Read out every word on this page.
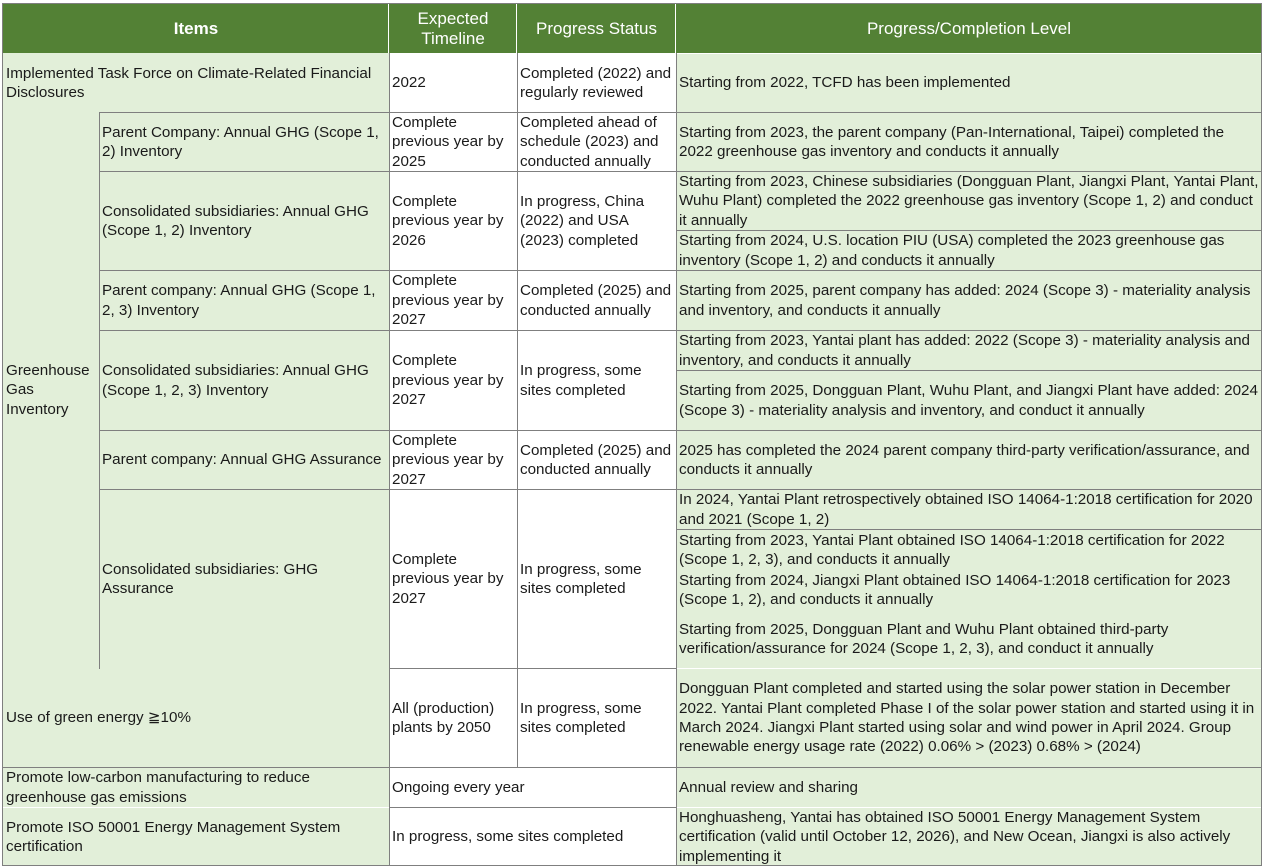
Items
Expected Timeline
Progress Status	Progress/Completion Level
Implemented Task Force on Climate-Related Financial Disclosures
2022
Completed (2022) and regularly reviewed
Starting from 2022, TCFD has been implemented
Greenhouse Gas Inventory
Parent Company: Annual GHG (Scope 1, 2) Inventory
Complete previous year by 2025
Completed ahead of schedule (2023) and conducted annually
Starting from 2023, the parent company (Pan-International, Taipei) completed the 2022 greenhouse gas inventory and conducts it annually
Consolidated subsidiaries: Annual GHG (Scope 1, 2) Inventory
Complete previous year by 2026
In progress, China (2022) and USA (2023) completed
Starting from 2023, Chinese subsidiaries (Dongguan Plant, Jiangxi Plant, Yantai Plant, Wuhu Plant) completed the 2022 greenhouse gas inventory (Scope 1, 2) and conduct it annually
Starting from 2024, U.S. location PIU (USA) completed the 2023 greenhouse gas inventory (Scope 1, 2) and conducts it annually
Parent company: Annual GHG (Scope 1, 2, 3) Inventory
Complete previous year by 2027
Completed (2025) and conducted annually
Starting from 2025, parent company has added: 2024 (Scope 3) - materiality analysis and inventory, and conducts it annually
Consolidated subsidiaries: Annual GHG (Scope 1, 2, 3) Inventory
Complete previous year by 2027
In progress, some sites completed
Starting from 2023, Yantai plant has added: 2022 (Scope 3) - materiality analysis and inventory, and conducts it annually
Starting from 2025, Dongguan Plant, Wuhu Plant, and Jiangxi Plant have added: 2024 (Scope 3) - materiality analysis and inventory, and conduct it annually
Parent company: Annual GHG Assurance
Complete previous year by 2027
Completed (2025) and conducted annually
2025 has completed the 2024 parent company third-party verification/assurance, and conducts it annually
Consolidated subsidiaries: GHG Assurance
Complete previous year by 2027
In progress, some sites completed
In 2024, Yantai Plant retrospectively obtained ISO 14064-1:2018 certification for 2020 and 2021 (Scope 1, 2)
Starting from 2023, Yantai Plant obtained ISO 14064-1:2018 certification for 2022 (Scope 1, 2, 3), and conducts it annually
Starting from 2024, Jiangxi Plant obtained ISO 14064-1:2018 certification for 2023 (Scope 1, 2), and conducts it annually
Starting from 2025, Dongguan Plant and Wuhu Plant obtained third-party verification/assurance for 2024 (Scope 1, 2, 3), and conduct it annually
Use of green energy ≧10%
All (production) plants by 2050
In progress, some sites completed
Dongguan Plant completed and started using the solar power station in December 2022. Yantai Plant completed Phase I of the solar power station and started using it in March 2024. Jiangxi Plant started using solar and wind power in April 2024. Group renewable energy usage rate (2022) 0.06% > (2023) 0.68% > (2024)
Promote low-carbon manufacturing to reduce greenhouse gas emissions
Ongoing every year	Annual review and sharing
Promote ISO 50001 Energy Management System certification
In progress, some sites completed
Honghuasheng, Yantai has obtained ISO 50001 Energy Management System certification (valid until October 12, 2026), and New Ocean, Jiangxi is also actively implementing it
